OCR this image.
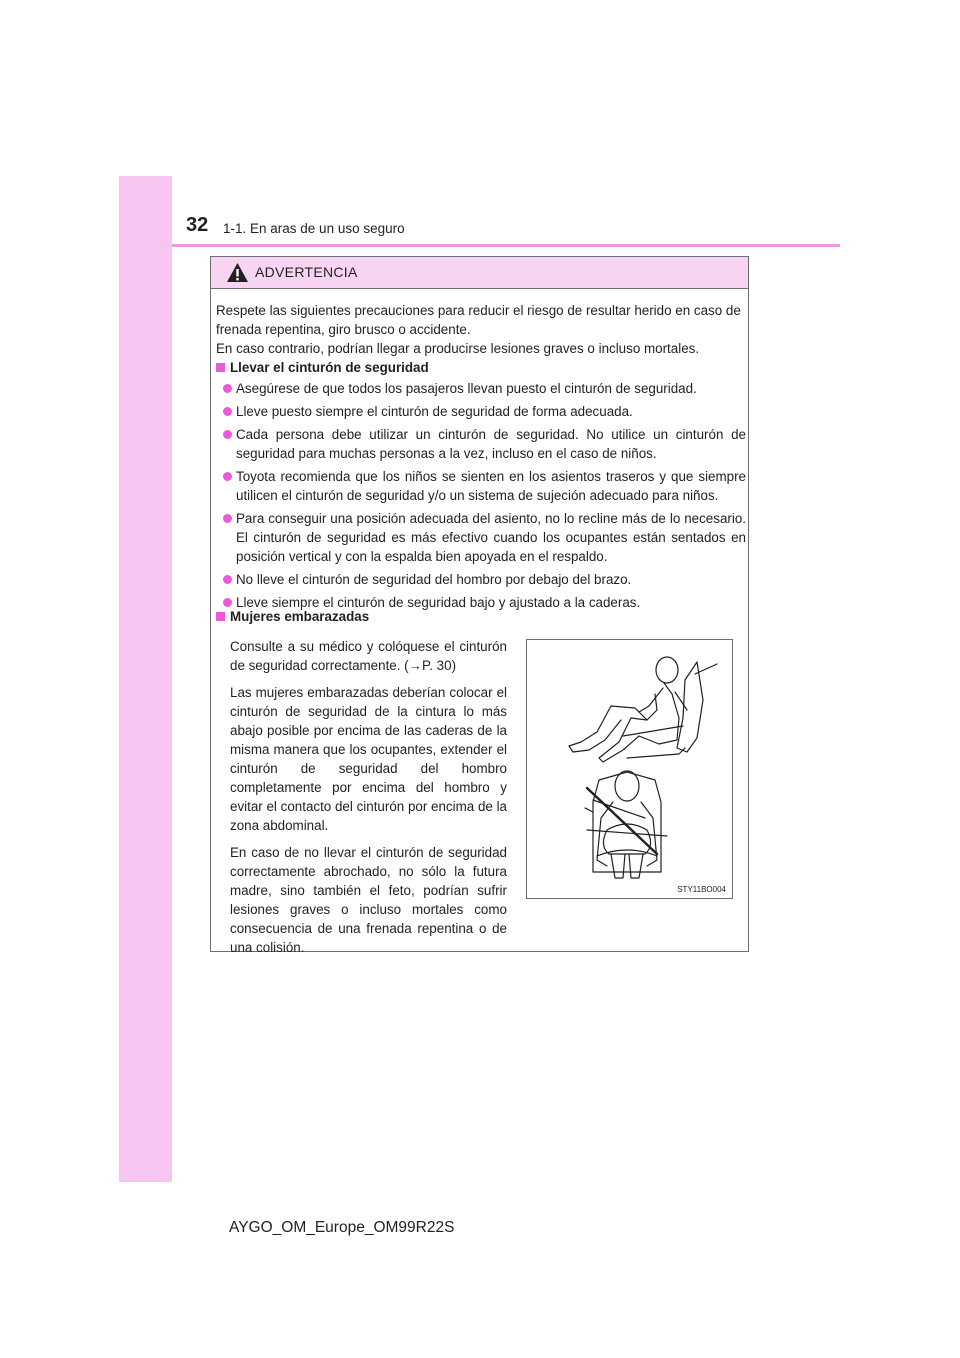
32 1-1. En aras de un uso seguro
ADVERTENCIA

Respete las siguientes precauciones para reducir el riesgo de resultar herido en caso de frenada repentina, giro brusco o accidente.
En caso contrario, podrían llegar a producirse lesiones graves o incluso mortales.

Llevar el cinturón de seguridad

Asegúrese de que todos los pasajeros llevan puesto el cinturón de seguridad.
Lleve puesto siempre el cinturón de seguridad de forma adecuada.
Cada persona debe utilizar un cinturón de seguridad. No utilice un cinturón de seguridad para muchas personas a la vez, incluso en el caso de niños.
Toyota recomienda que los niños se sienten en los asientos traseros y que siempre utilicen el cinturón de seguridad y/o un sistema de sujeción adecuado para niños.
Para conseguir una posición adecuada del asiento, no lo recline más de lo necesario. El cinturón de seguridad es más efectivo cuando los ocupantes están sentados en posición vertical y con la espalda bien apoyada en el respaldo.
No lleve el cinturón de seguridad del hombro por debajo del brazo.
Lleve siempre el cinturón de seguridad bajo y ajustado a la caderas.

Mujeres embarazadas

Consulte a su médico y colóquese el cinturón de seguridad correctamente. (→P. 30)

Las mujeres embarazadas deberían colocar el cinturón de seguridad de la cintura lo más abajo posible por encima de las caderas de la misma manera que los ocupantes, extender el cinturón de seguridad del hombro completamente por encima del hombro y evitar el contacto del cinturón por encima de la zona abdominal.

En caso de no llevar el cinturón de seguridad correctamente abrochado, no sólo la futura madre, sino también el feto, podrían sufrir lesiones graves o incluso mortales como consecuencia de una frenada repentina o de una colisión.

STY11BO004
AYGO_OM_Europe_OM99R22S
